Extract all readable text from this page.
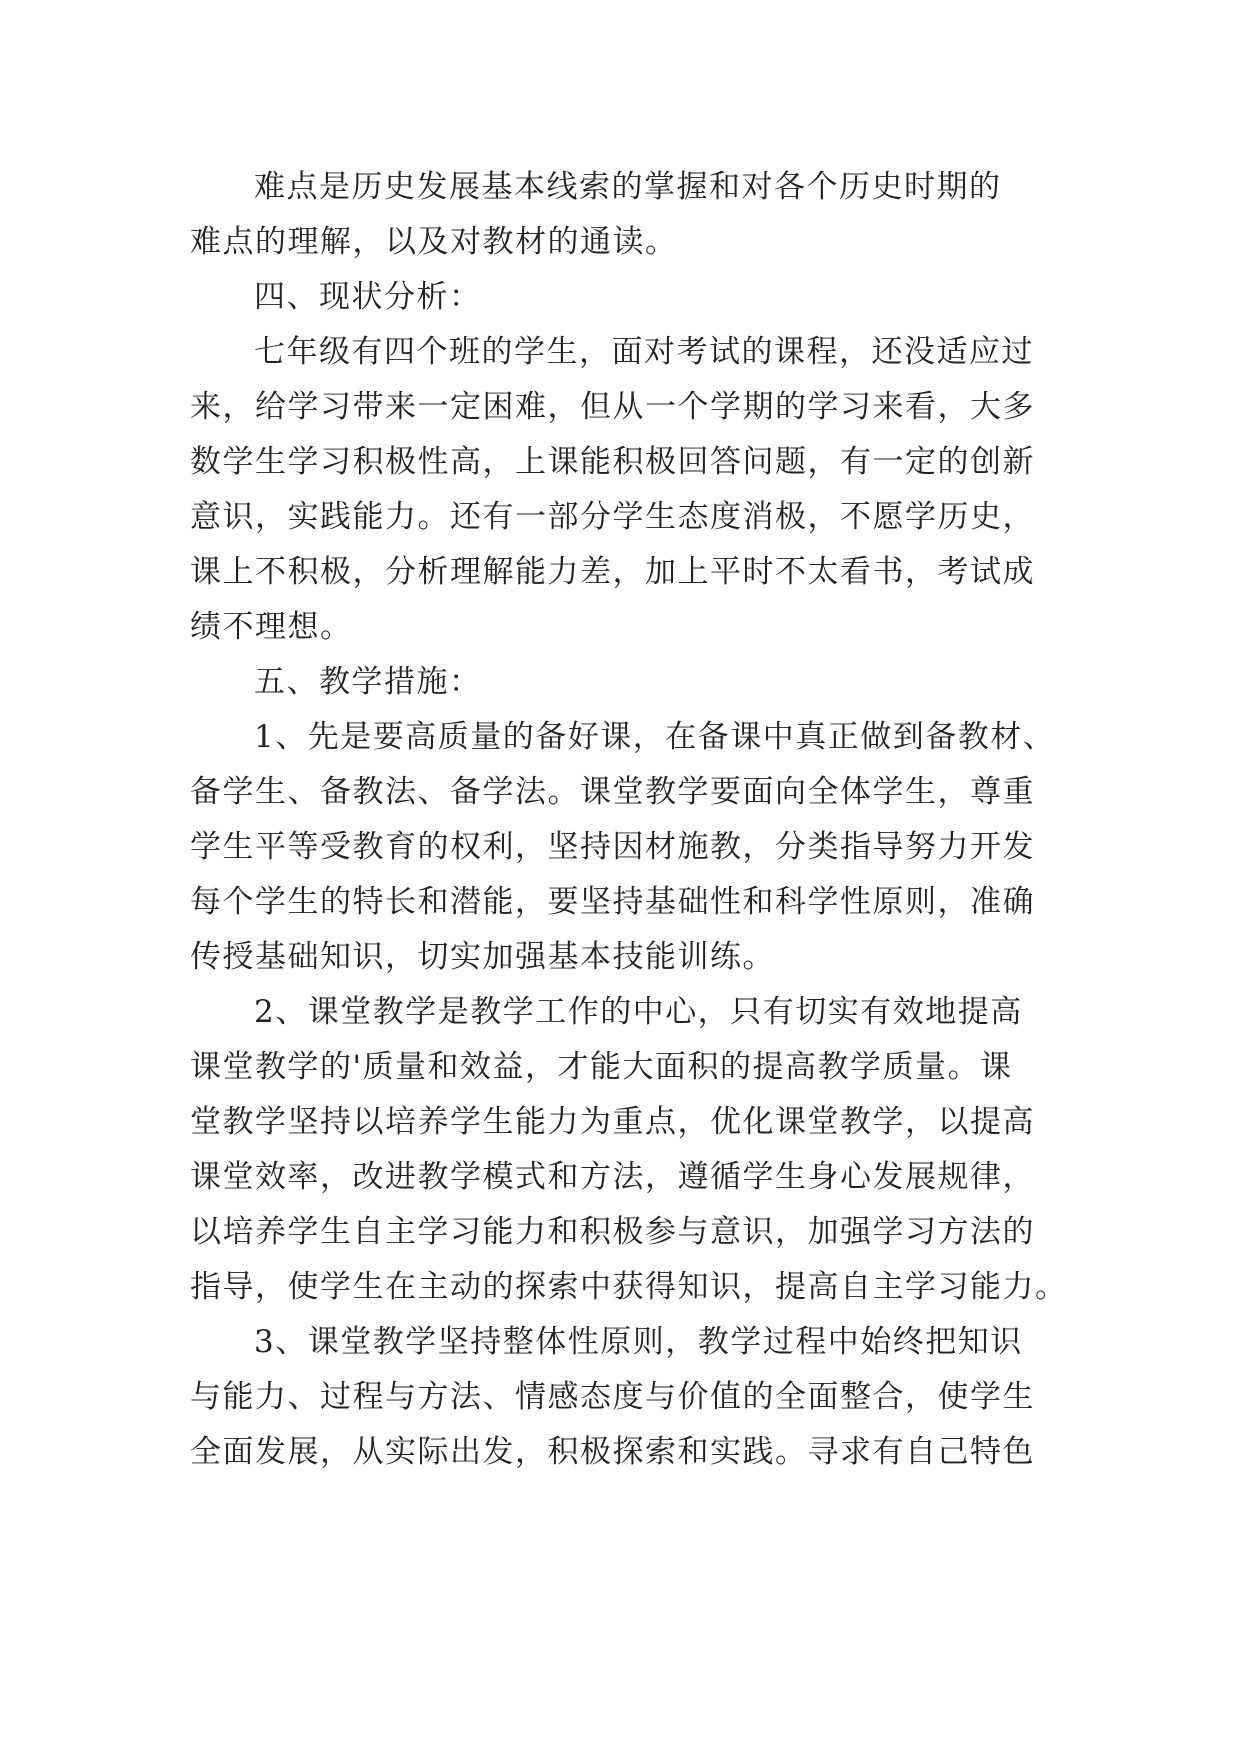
难点是历史发展基本线索的掌握和对各个历史时期的
难点的理解，以及对教材的通读。
四、现状分析：
七年级有四个班的学生，面对考试的课程，还没适应过
来，给学习带来一定困难，但从一个学期的学习来看，大多
数学生学习积极性高，上课能积极回答问题，有一定的创新
意识，实践能力。还有一部分学生态度消极，不愿学历史，
课上不积极，分析理解能力差，加上平时不太看书，考试成
绩不理想。
五、教学措施：
1、先是要高质量的备好课，在备课中真正做到备教材、
备学生、备教法、备学法。课堂教学要面向全体学生，尊重
学生平等受教育的权利，坚持因材施教，分类指导努力开发
每个学生的特长和潜能，要坚持基础性和科学性原则，准确
传授基础知识，切实加强基本技能训练。
2、课堂教学是教学工作的中心，只有切实有效地提高
课堂教学的'质量和效益，才能大面积的提高教学质量。课
堂教学坚持以培养学生能力为重点，优化课堂教学，以提高
课堂效率，改进教学模式和方法，遵循学生身心发展规律，
以培养学生自主学习能力和积极参与意识，加强学习方法的
指导，使学生在主动的探索中获得知识，提高自主学习能力。
3、课堂教学坚持整体性原则，教学过程中始终把知识
与能力、过程与方法、情感态度与价值的全面整合，使学生
全面发展，从实际出发，积极探索和实践。寻求有自己特色
